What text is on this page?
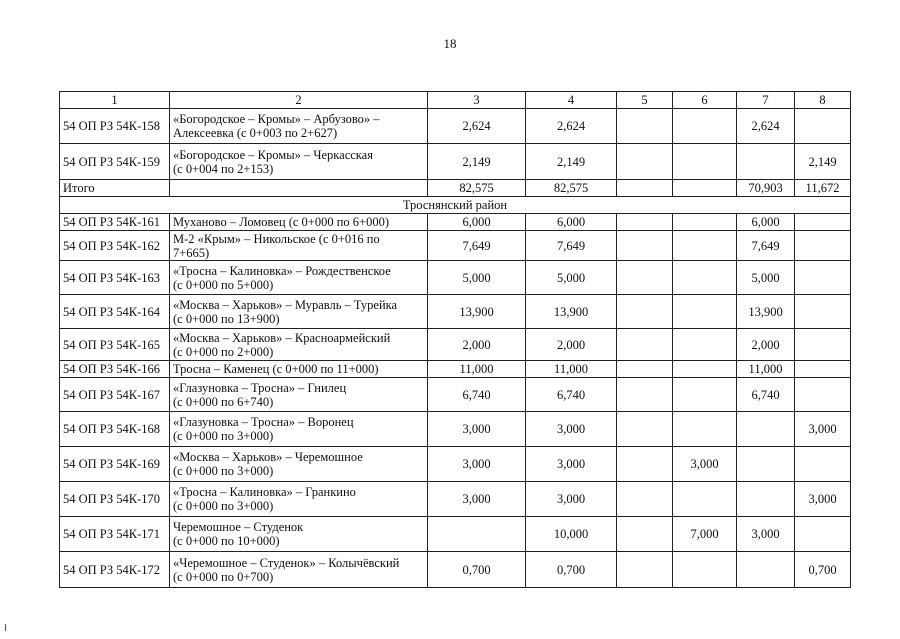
18
1	2	3	4	5	6	7	8
54 ОП РЗ 54К-158	«Богородское – Кромы» – Арбузово» –
Алексеевка (с 0+003 по 2+627)	2,624	2,624			2,624	
54 ОП РЗ 54К-159	«Богородское – Кромы» – Черкасская
(с 0+004 по 2+153)	2,149	2,149				2,149
Итого		82,575	82,575			70,903	11,672
Троснянский район							
54 ОП РЗ 54К-161	Муханово – Ломовец (с 0+000 по 6+000)	6,000	6,000			6,000	
54 ОП РЗ 54К-162	М-2 «Крым» – Никольское (с 0+016 по
7+665)	7,649	7,649			7,649	
54 ОП РЗ 54К-163	«Тросна – Калиновка» – Рождественское
(с 0+000 по 5+000)	5,000	5,000			5,000	
54 ОП РЗ 54К-164	«Москва – Харьков» – Муравль – Турейка
(с 0+000 по 13+900)	13,900	13,900			13,900	
54 ОП РЗ 54К-165	«Москва – Харьков» – Красноармейский
(с 0+000 по 2+000)	2,000	2,000			2,000	
54 ОП РЗ 54К-166	Тросна – Каменец (с 0+000 по 11+000)	11,000	11,000			11,000	
54 ОП РЗ 54К-167	«Глазуновка – Тросна» – Гнилец
(с 0+000 по 6+740)	6,740	6,740			6,740	
54 ОП РЗ 54К-168	«Глазуновка – Тросна» – Воронец
(с 0+000 по 3+000)	3,000	3,000				3,000
54 ОП РЗ 54К-169	«Москва – Харьков» – Черемошное
(с 0+000 по 3+000)	3,000	3,000		3,000		
54 ОП РЗ 54К-170	«Тросна – Калиновка» – Гранкино
(с 0+000 по 3+000)	3,000	3,000				3,000
54 ОП РЗ 54К-171	Черемошное – Студенок
(с 0+000 по 10+000)		10,000		7,000	3,000	
54 ОП РЗ 54К-172	«Черемошное – Студенок» – Колычёвский
(с 0+000 по 0+700)	0,700	0,700				0,700
